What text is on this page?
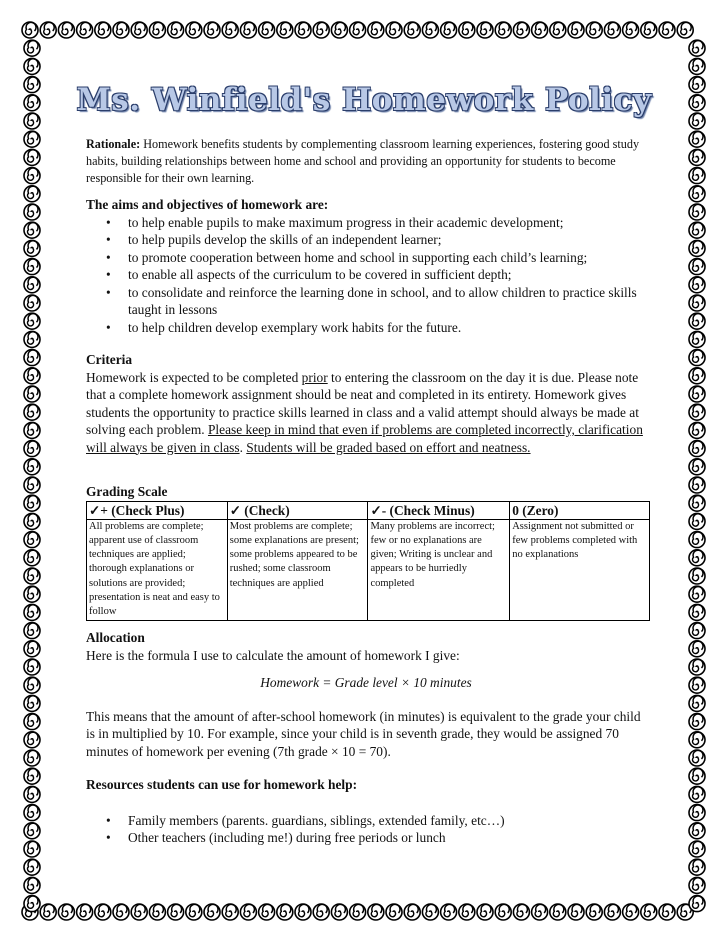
Ms. Winfield's Homework Policy
Rationale: Homework benefits students by complementing classroom learning experiences, fostering good study habits, building relationships between home and school and providing an opportunity for students to become responsible for their own learning.
The aims and objectives of homework are:
• to help enable pupils to make maximum progress in their academic development;
• to help pupils develop the skills of an independent learner;
• to promote cooperation between home and school in supporting each child’s learning;
• to enable all aspects of the curriculum to be covered in sufficient depth;
• to consolidate and reinforce the learning done in school, and to allow children to practice skills taught in lessons
• to help children develop exemplary work habits for the future.
Criteria
Homework is expected to be completed prior to entering the classroom on the day it is due. Please note that a complete homework assignment should be neat and completed in its entirety. Homework gives students the opportunity to practice skills learned in class and a valid attempt should always be made at solving each problem. Please keep in mind that even if problems are completed incorrectly, clarification will always be given in class. Students will be graded based on effort and neatness.
Grading Scale
✓+ (Check Plus)	✓ (Check)	✓- (Check Minus)	0 (Zero)
All problems are complete; apparent use of classroom techniques are applied; thorough explanations or solutions are provided; presentation is neat and easy to follow	Most problems are complete; some explanations are present; some problems appeared to be rushed; some classroom techniques are applied	Many problems are incorrect; few or no explanations are given; Writing is unclear and appears to be hurriedly completed	Assignment not submitted or few problems completed with no explanations
Allocation
Here is the formula I use to calculate the amount of homework I give:
Homework = Grade level × 10 minutes
This means that the amount of after-school homework (in minutes) is equivalent to the grade your child is in multiplied by 10. For example, since your child is in seventh grade, they would be assigned 70 minutes of homework per evening (7th grade × 10 = 70).
Resources students can use for homework help:
• Family members (parents. guardians, siblings, extended family, etc…)
• Other teachers (including me!) during free periods or lunch
